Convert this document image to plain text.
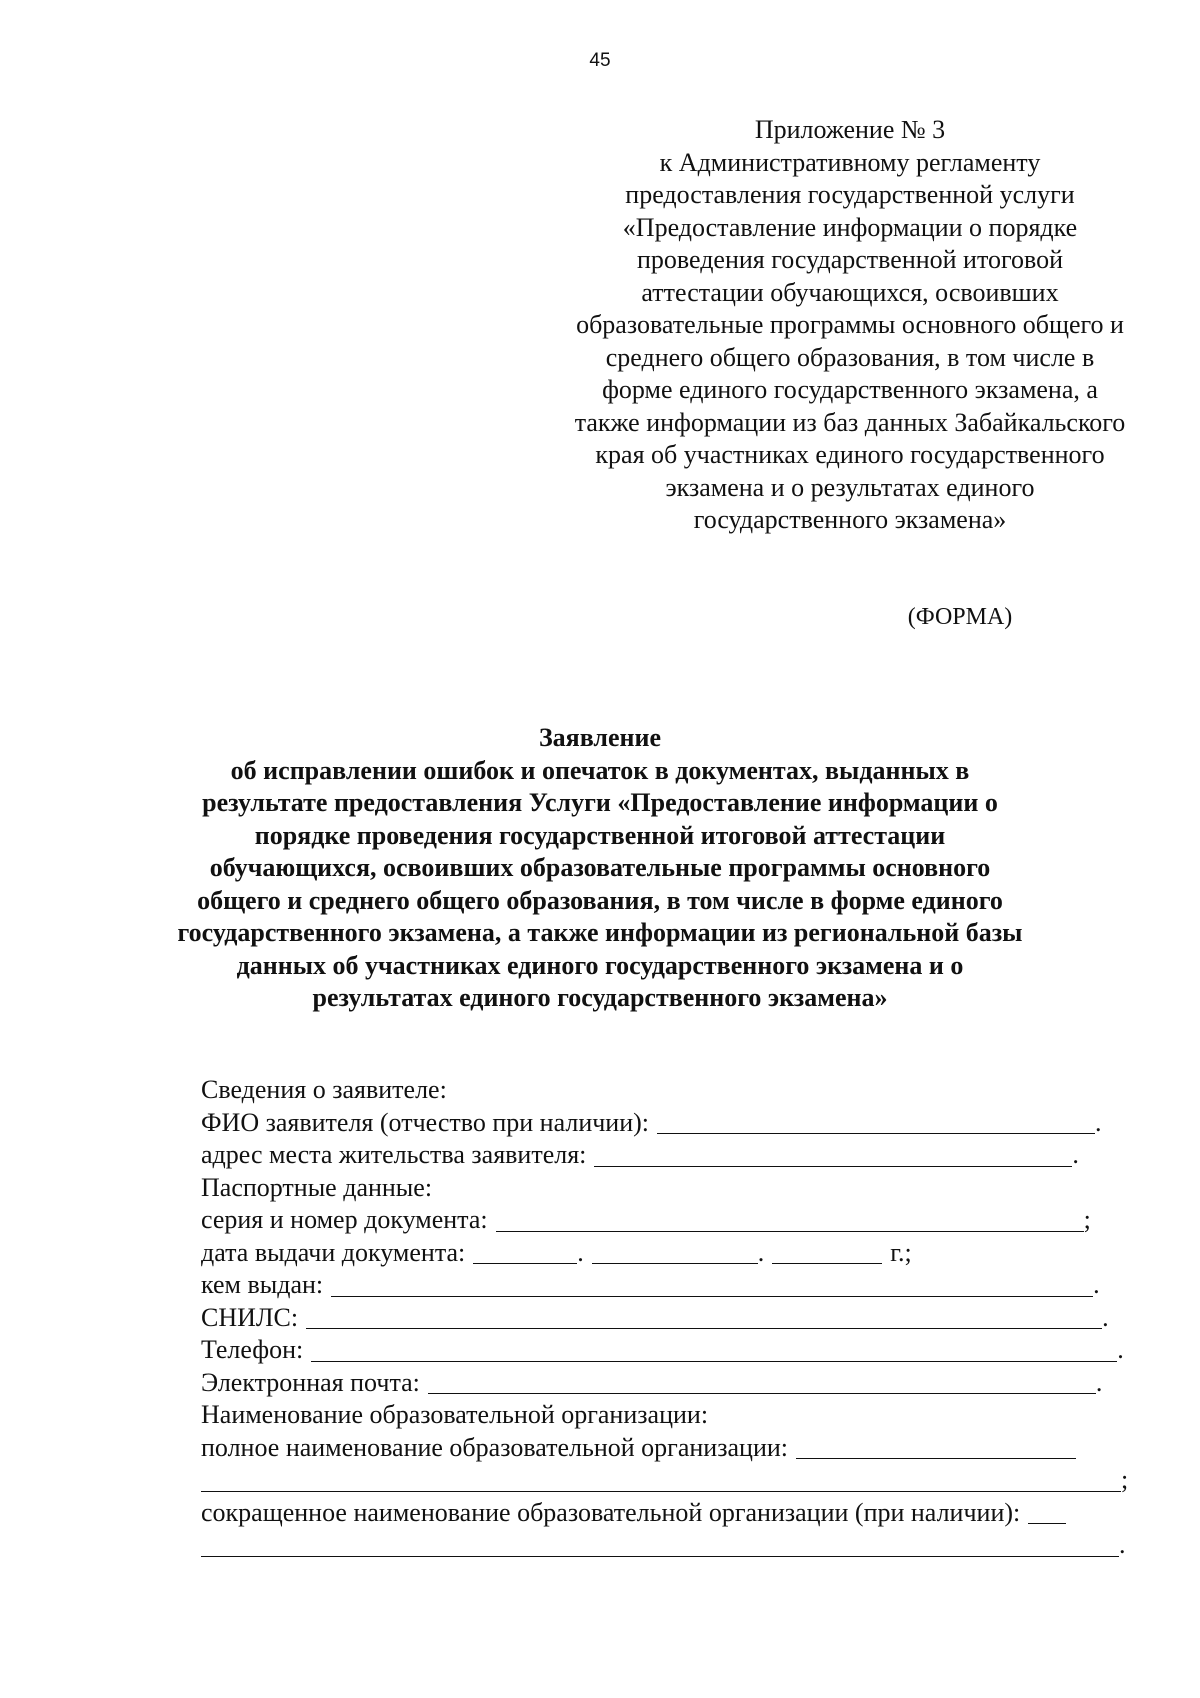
45
Приложение № 3
к Административному регламенту
предоставления государственной услуги
«Предоставление информации о порядке
проведения государственной итоговой
аттестации обучающихся, освоивших
образовательные программы основного общего и
среднего общего образования, в том числе в
форме единого государственного экзамена, а
также информации из баз данных Забайкальского
края об участниках единого государственного
экзамена и о результатах единого
государственного экзамена»
(ФОРМА)
Заявление
об исправлении ошибок и опечаток в документах, выданных в
результате предоставления Услуги «Предоставление информации о
порядке проведения государственной итоговой аттестации
обучающихся, освоивших образовательные программы основного
общего и среднего общего образования, в том числе в форме единого
государственного экзамена, а также информации из региональной базы
данных об участниках единого государственного экзамена и о
результатах единого государственного экзамена»
Сведения о заявителе:
ФИО заявителя (отчество при наличии):	.
адрес места жительства заявителя:	.
Паспортные данные:
серия и номер документа:	;
дата выдачи документа:	.	.	г.;
кем выдан:	.
СНИЛС:	.
Телефон:	.
Электронная почта:	.
Наименование образовательной организации:
полное наименование образовательной организации:
;
сокращенное наименование образовательной организации (при наличии):
.
